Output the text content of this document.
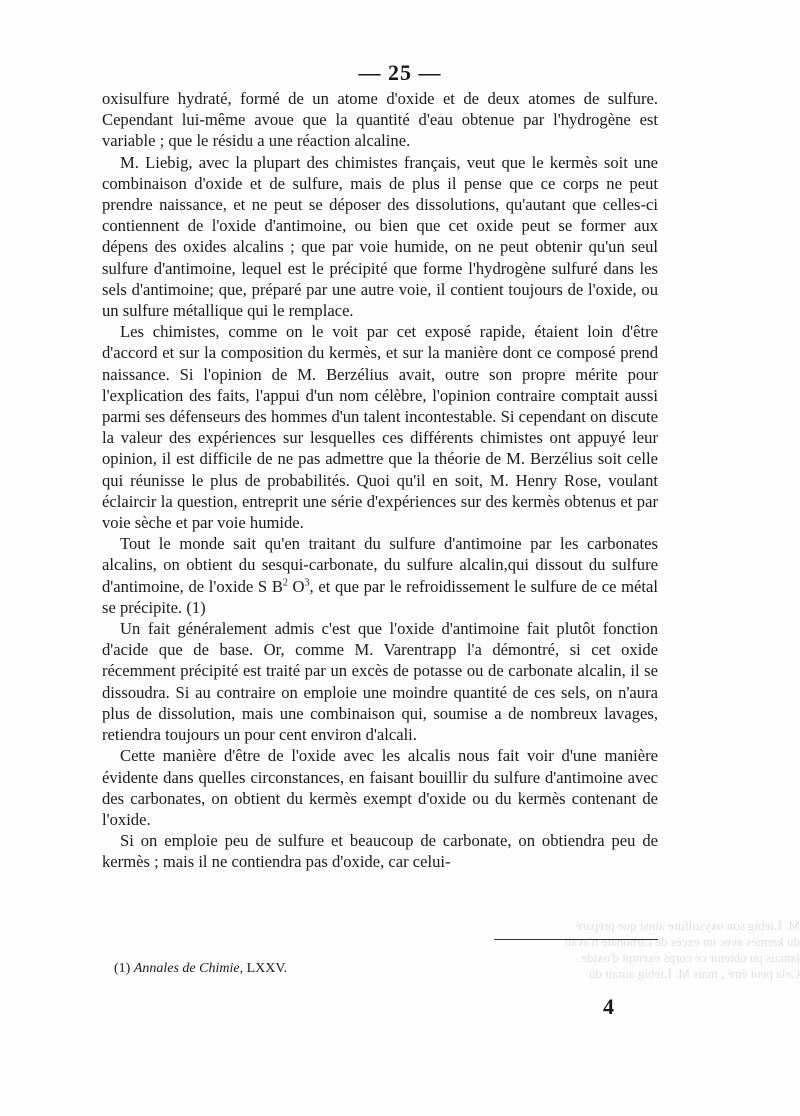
— 25 —

oxisulfure hydraté, formé de un atome d'oxide et de deux atomes de sulfure. Cependant lui-même avoue que la quantité d'eau obtenue par l'hydrogène est variable ; que le résidu a une réaction alcaline.

M. Liebig, avec la plupart des chimistes français, veut que le kermès soit une combinaison d'oxide et de sulfure, mais de plus il pense que ce corps ne peut prendre naissance, et ne peut se déposer des dissolutions, qu'autant que celles-ci contiennent de l'oxide d'antimoine, ou bien que cet oxide peut se former aux dépens des oxides alcalins ; que par voie humide, on ne peut obtenir qu'un seul sulfure d'antimoine, lequel est le précipité que forme l'hydrogène sulfuré dans les sels d'antimoine; que, préparé par une autre voie, il contient toujours de l'oxide, ou un sulfure métallique qui le remplace.

Les chimistes, comme on le voit par cet exposé rapide, étaient loin d'être d'accord et sur la composition du kermès, et sur la manière dont ce composé prend naissance. Si l'opinion de M. Berzélius avait, outre son propre mérite pour l'explication des faits, l'appui d'un nom célèbre, l'opinion contraire comptait aussi parmi ses défenseurs des hommes d'un talent incontestable. Si cependant on discute la valeur des expériences sur lesquelles ces différents chimistes ont appuyé leur opinion, il est difficile de ne pas admettre que la théorie de M. Berzélius soit celle qui réunisse le plus de probabilités. Quoi qu'il en soit, M. Henry Rose, voulant éclaircir la question, entreprit une série d'expériences sur des kermès obtenus et par voie sèche et par voie humide.

Tout le monde sait qu'en traitant du sulfure d'antimoine par les carbonates alcalins, on obtient du sesqui-carbonate, du sulfure alcalin,qui dissout du sulfure d'antimoine, de l'oxide S $B^2$ $O^3$, et que par le refroidissement le sulfure de ce métal se précipite. (1)

Un fait généralement admis c'est que l'oxide d'antimoine fait plutôt fonction d'acide que de base. Or, comme M. Varentrapp l'a démontré, si cet oxide récemment précipité est traité par un excès de potasse ou de carbonate alcalin, il se dissoudra. Si au contraire on emploie une moindre quantité de ces sels, on n'aura plus de dissolution, mais une combinaison qui, soumise a de nombreux lavages, retiendra toujours un pour cent environ d'alcali.

Cette manière d'être de l'oxide avec les alcalis nous fait voir d'une manière évidente dans quelles circonstances, en faisant bouillir du sulfure d'antimoine avec des carbonates, on obtient du kermès exempt d'oxide ou du kermès contenant de l'oxide.

Si on emploie peu de sulfure et beaucoup de carbonate, on obtiendra peu de kermès ; mais il ne contiendra pas d'oxide, car celui-

M. Liebig son oxysulfure ainsi que préparé du kermès avec un excès de carbonate n'avait jamais pu obtenir ce corps exempt d'oxide. Cela peut être ; mais M. Liebig aurait dû
(1) Annales de Chimie, LXXV.
4
